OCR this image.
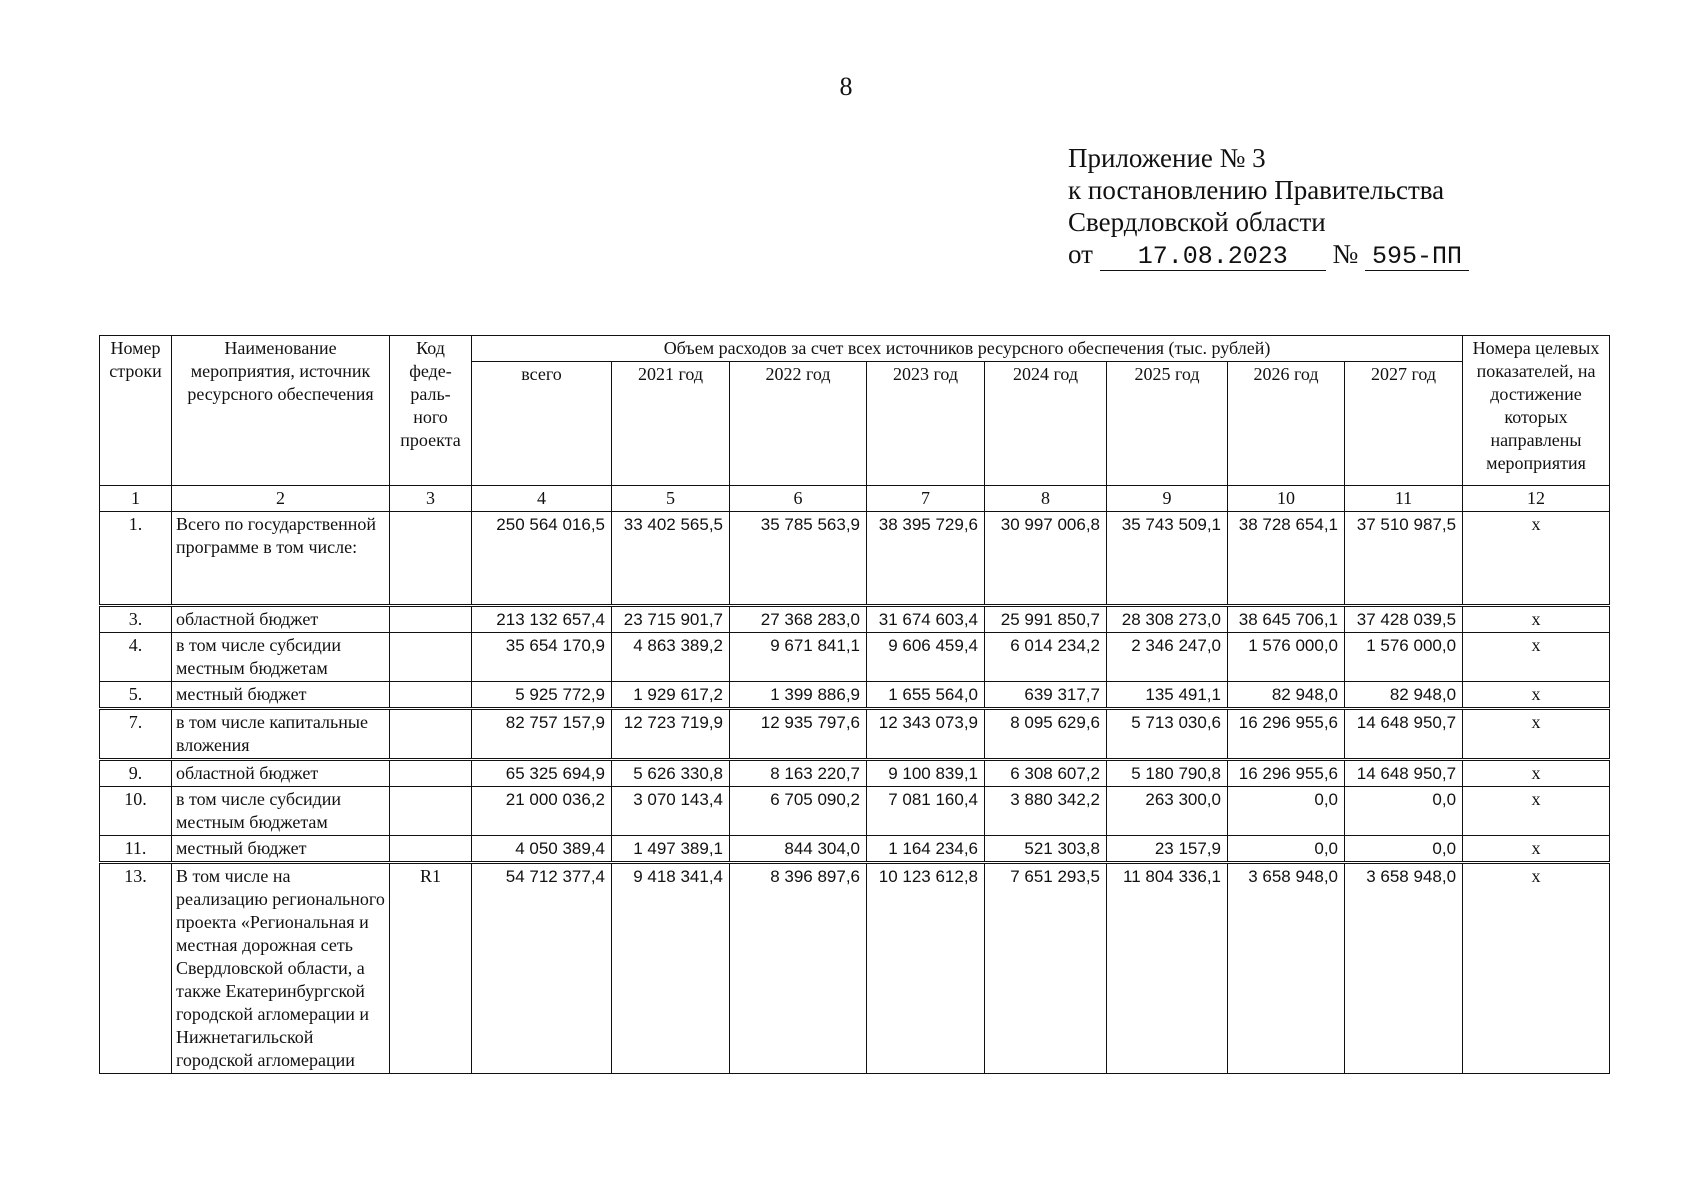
8
Приложение № 3
к постановлению Правительства
Свердловской области
от 17.08.2023 № 595-ПП
Номер строки	Наименование мероприятия, источник ресурсного обеспечения	Код феде-раль-ного проекта	Объем расходов за счет всех источников ресурсного обеспечения (тыс. рублей)								Номера целевых показателей, на достижение которых направлены мероприятия
			всего	2021 год	2022 год	2023 год	2024 год	2025 год	2026 год	2027 год	
1	2	3	4	5	6	7	8	9	10	11	12
1.	Всего по государственной программе в том числе:		250 564 016,5	33 402 565,5	35 785 563,9	38 395 729,6	30 997 006,8	35 743 509,1	38 728 654,1	37 510 987,5	х
3.	областной бюджет		213 132 657,4	23 715 901,7	27 368 283,0	31 674 603,4	25 991 850,7	28 308 273,0	38 645 706,1	37 428 039,5	х
4.	в том числе субсидии местным бюджетам		35 654 170,9	4 863 389,2	9 671 841,1	9 606 459,4	6 014 234,2	2 346 247,0	1 576 000,0	1 576 000,0	х
5.	местный бюджет		5 925 772,9	1 929 617,2	1 399 886,9	1 655 564,0	639 317,7	135 491,1	82 948,0	82 948,0	х
7.	в том числе капитальные вложения		82 757 157,9	12 723 719,9	12 935 797,6	12 343 073,9	8 095 629,6	5 713 030,6	16 296 955,6	14 648 950,7	х
9.	областной бюджет		65 325 694,9	5 626 330,8	8 163 220,7	9 100 839,1	6 308 607,2	5 180 790,8	16 296 955,6	14 648 950,7	х
10.	в том числе субсидии местным бюджетам		21 000 036,2	3 070 143,4	6 705 090,2	7 081 160,4	3 880 342,2	263 300,0	0,0	0,0	х
11.	местный бюджет		4 050 389,4	1 497 389,1	844 304,0	1 164 234,6	521 303,8	23 157,9	0,0	0,0	х
13.	В том числе на реализацию регионального проекта «Региональная и местная дорожная сеть Свердловской области, а также Екатеринбургской городской агломерации и Нижнетагильской городской агломерации	R1	54 712 377,4	9 418 341,4	8 396 897,6	10 123 612,8	7 651 293,5	11 804 336,1	3 658 948,0	3 658 948,0	х
